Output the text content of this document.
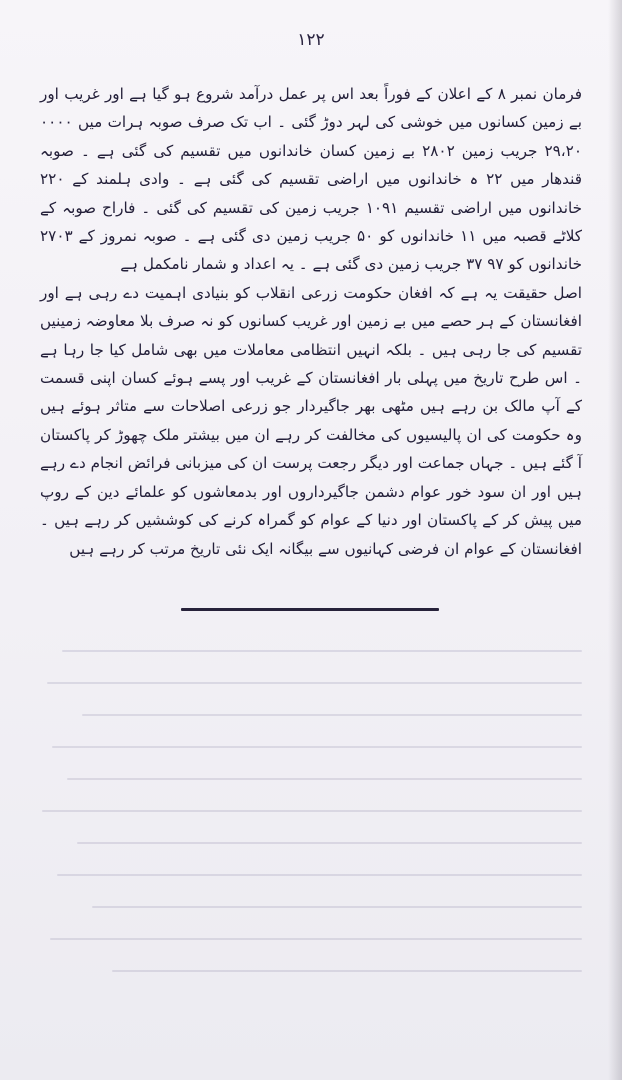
۱۲۲

فرمان نمبر ۸ کے اعلان کے فوراً بعد اس پر عمل درآمد شروع ہو گیا ہے اور غریب اور بے زمین کسانوں میں خوشی کی لہر دوڑ گئی ۔ اب تک صرف صوبہ ہرات میں ۰۰۰۰ ۲۹،۲۰ جریب زمین ۲۸۰۲ بے زمین کسان خاندانوں میں تقسیم کی گئی ہے ۔ صوبہ قندھار میں ۲۲ ہ خاندانوں میں اراضی تقسیم کی گئی ہے ۔ وادی ہلمند کے ۲۲۰ خاندانوں میں اراضی تقسیم ۱۰۹۱ جریب زمین کی تقسیم کی گئی ۔ فاراح صوبہ کے کلاٹے قصبہ میں ۱۱ خاندانوں کو ۵۰ جریب زمین دی گئی ہے ۔ صوبہ نمروز کے ۲۷۰۳ خاندانوں کو ۹۷ ۳۷ جریب زمین دی گئی ہے ۔ یہ اعداد و شمار نامکمل ہے

اصل حقیقت یہ ہے کہ افغان حکومت زرعی انقلاب کو بنیادی اہمیت دے رہی ہے اور افغانستان کے ہر حصے میں بے زمین اور غریب کسانوں کو نہ صرف بلا معاوضہ زمینیں تقسیم کی جا رہی ہیں ۔ بلکہ انہیں انتظامی معاملات میں بھی شامل کیا جا رہا ہے ۔ اس طرح تاریخ میں پہلی بار افغانستان کے غریب اور پسے ہوئے کسان اپنی قسمت کے آپ مالک بن رہے ہیں مٹھی بھر جاگیردار جو زرعی اصلاحات سے متاثر ہوئے ہیں وہ حکومت کی ان پالیسیوں کی مخالفت کر رہے ان میں بیشتر ملک چھوڑ کر پاکستان آ گئے ہیں ۔ جہاں جماعت اور دیگر رجعت پرست ان کی میزبانی فرائض انجام دے رہے ہیں اور ان سود خور عوام دشمن جاگیرداروں اور بدمعاشوں کو علمائے دین کے روپ میں پیش کر کے پاکستان اور دنیا کے عوام کو گمراہ کرنے کی کوششیں کر رہے ہیں ۔ افغانستان کے عوام ان فرضی کہانیوں سے بیگانہ ایک نئی تاریخ مرتب کر رہے ہیں
